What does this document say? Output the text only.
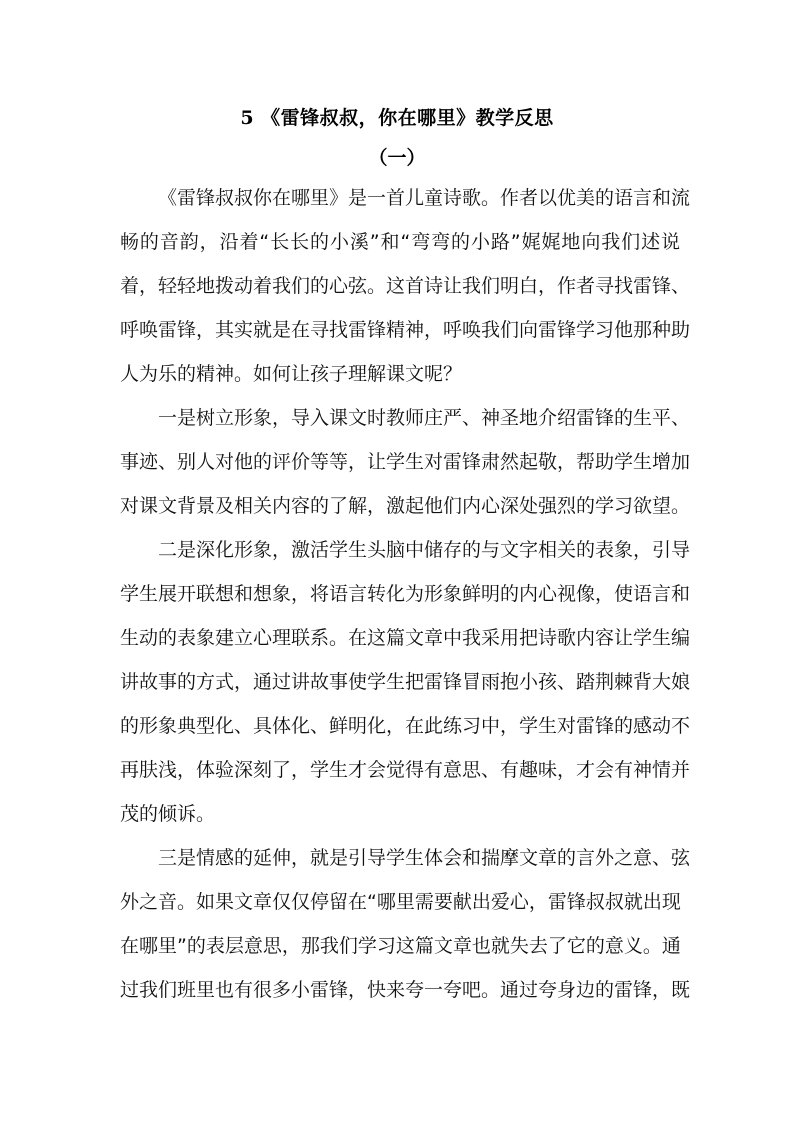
5 《雷锋叔叔，你在哪里》教学反思
（一）
《雷锋叔叔你在哪里》是一首儿童诗歌。作者以优美的语言和流
畅的音韵，沿着“长长的小溪”和“弯弯的小路”娓娓地向我们述说
着，轻轻地拨动着我们的心弦。这首诗让我们明白，作者寻找雷锋、
呼唤雷锋，其实就是在寻找雷锋精神，呼唤我们向雷锋学习他那种助
人为乐的精神。如何让孩子理解课文呢？
一是树立形象，导入课文时教师庄严、神圣地介绍雷锋的生平、
事迹、别人对他的评价等等，让学生对雷锋肃然起敬，帮助学生增加
对课文背景及相关内容的了解，激起他们内心深处强烈的学习欲望。
二是深化形象，激活学生头脑中储存的与文字相关的表象，引导
学生展开联想和想象，将语言转化为形象鲜明的内心视像，使语言和
生动的表象建立心理联系。在这篇文章中我采用把诗歌内容让学生编
讲故事的方式，通过讲故事使学生把雷锋冒雨抱小孩、踏荆棘背大娘
的形象典型化、具体化、鲜明化，在此练习中，学生对雷锋的感动不
再肤浅，体验深刻了，学生才会觉得有意思、有趣味，才会有神情并
茂的倾诉。
三是情感的延伸，就是引导学生体会和揣摩文章的言外之意、弦
外之音。如果文章仅仅停留在“哪里需要献出爱心，雷锋叔叔就出现
在哪里”的表层意思，那我们学习这篇文章也就失去了它的意义。通
过我们班里也有很多小雷锋，快来夸一夸吧。通过夸身边的雷锋，既
